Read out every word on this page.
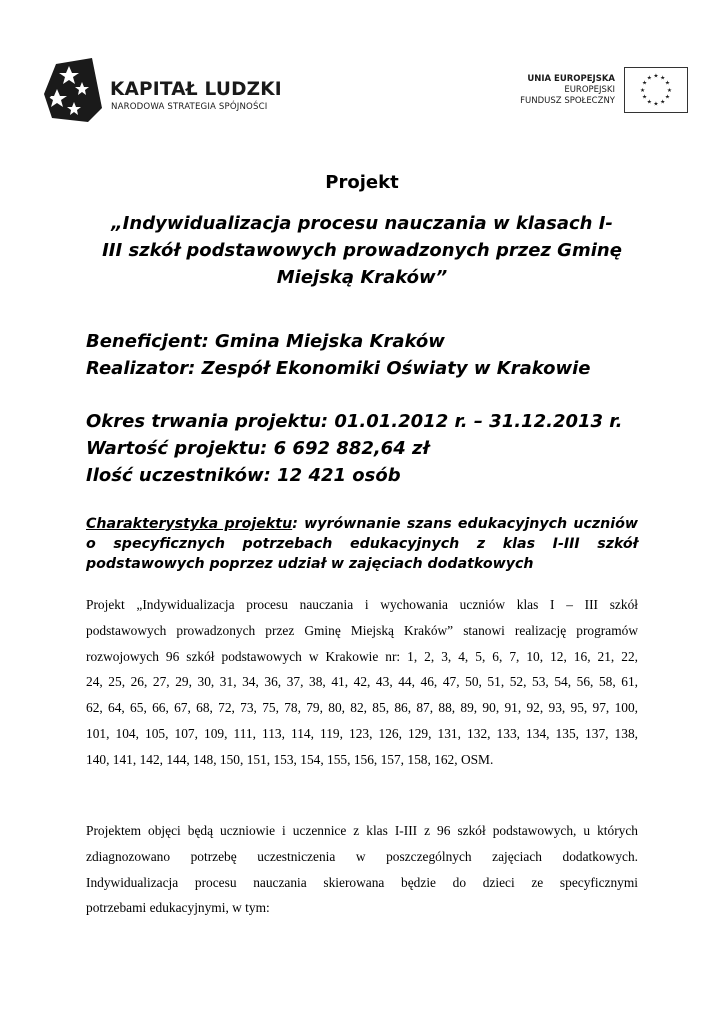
KAPITAŁ LUDZKI
NARODOWA STRATEGIA SPÓJNOŚCI
UNIA EUROPEJSKA
EUROPEJSKI
FUNDUSZ SPOŁECZNY
★ ★
★
★
★
★
★
★
★
★
★
★
Projekt
„Indywidualizacja procesu nauczania w klasach I-
III szkół podstawowych prowadzonych przez Gminę
Miejską Kraków”
Beneficjent: Gmina Miejska Kraków
Realizator: Zespół Ekonomiki Oświaty w Krakowie
Okres trwania projektu: 01.01.2012 r. – 31.12.2013 r.
Wartość projektu: 6 692 882,64 zł
Ilość uczestników: 12 421 osób
Charakterystyka projektu: wyrównanie szans edukacyjnych uczniów o specyficznych potrzebach edukacyjnych z klas I-III szkół podstawowych poprzez udział w zajęciach dodatkowych
Projekt „Indywidualizacja procesu nauczania i wychowania uczniów klas I – III szkół
podstawowych prowadzonych przez Gminę Miejską Kraków” stanowi realizację programów
rozwojowych 96 szkół podstawowych w Krakowie nr: 1, 2, 3, 4, 5, 6, 7, 10, 12, 16, 21, 22,
24, 25, 26, 27, 29, 30, 31, 34, 36, 37, 38, 41, 42, 43, 44, 46, 47, 50, 51, 52, 53, 54, 56, 58, 61,
62, 64, 65, 66, 67, 68, 72, 73, 75, 78, 79, 80, 82, 85, 86, 87, 88, 89, 90, 91, 92, 93, 95, 97, 100,
101, 104, 105, 107, 109, 111, 113, 114, 119, 123, 126, 129, 131, 132, 133, 134, 135, 137, 138,
140, 141, 142, 144, 148, 150, 151, 153, 154, 155, 156, 157, 158, 162, OSM.
Projektem objęci będą uczniowie i uczennice z klas I-III z 96 szkół podstawowych, u których
zdiagnozowano potrzebę uczestniczenia w poszczególnych zajęciach dodatkowych.
Indywidualizacja procesu nauczania skierowana będzie do dzieci ze specyficznymi
potrzebami edukacyjnymi, w tym:
